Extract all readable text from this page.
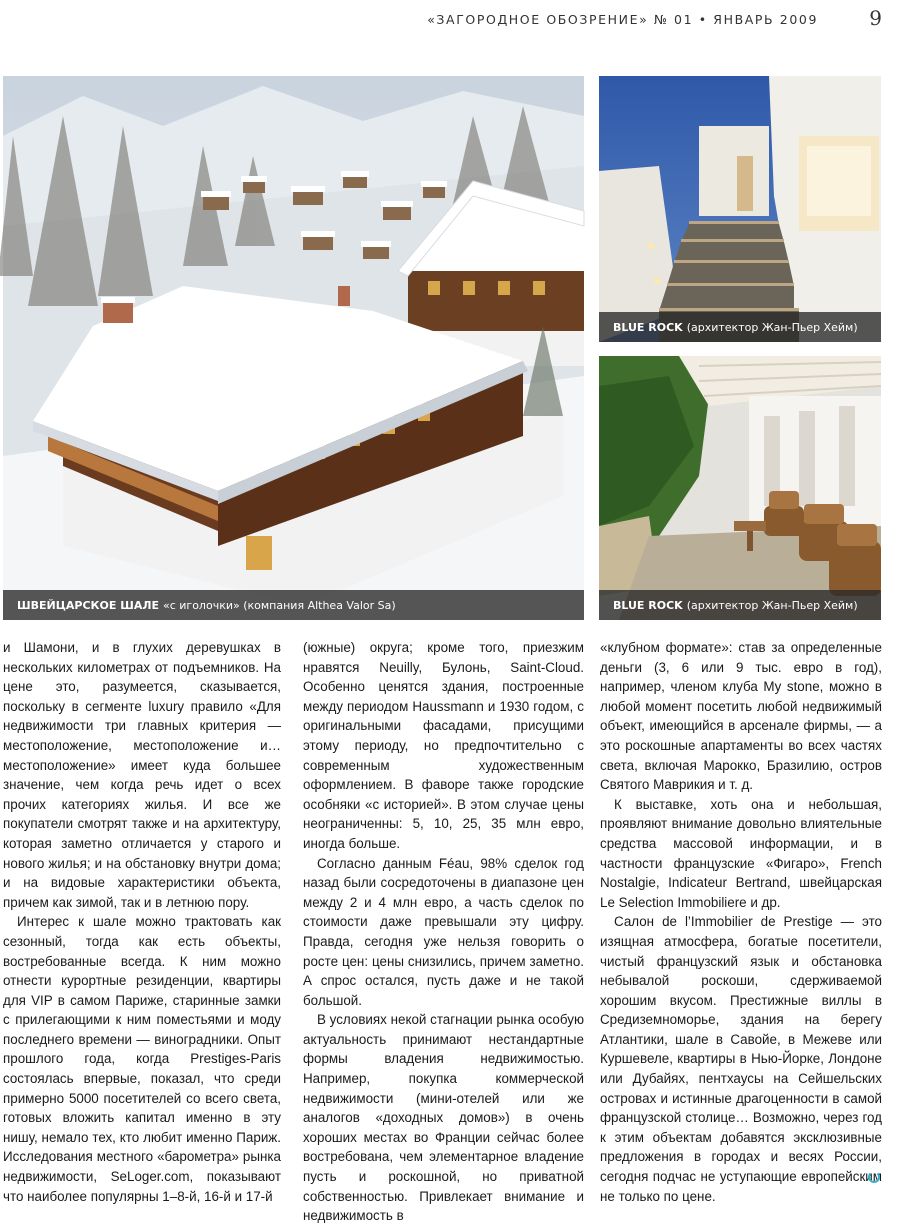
«ЗАГОРОДНОЕ ОБОЗРЕНИЕ» № 01 • ЯНВАРЬ 2009	9
ШВЕЙЦАРСКОЕ ШАЛЕ «с иголочки» (компания Althea Valor Sa)
BLUE ROCK (архитектор Жан-Пьер Хейм)
BLUE ROCK (архитектор Жан-Пьер Хейм)

и Шамони, и в глухих деревушках в нескольких километрах от подъемников. На цене это, разумеется, сказывается, поскольку в сегменте luxury правило «Для недвижимости три главных критерия — местоположение, местоположение и… местоположение» имеет куда большее значение, чем когда речь идет о всех прочих категориях жилья. И все же покупатели смотрят также и на архитектуру, которая заметно отличается у старого и нового жилья; и на обстановку внутри дома; и на видовые характеристики объекта, причем как зимой, так и в летнюю пору.

Интерес к шале можно трактовать как сезонный, тогда как есть объекты, востребованные всегда. К ним можно отнести курортные резиденции, квартиры для VIP в самом Париже, старинные замки с прилегающими к ним поместьями и моду последнего времени — виноградники. Опыт прошлого года, когда Prestiges-Paris состоялась впервые, показал, что среди примерно 5000 посетителей со всего света, готовых вложить капитал именно в эту нишу, немало тех, кто любит именно Париж. Исследования местного «барометра» рынка недвижимости, SeLoger.com, показывают что наиболее популярны 1–8-й, 16-й и 17-й

(южные) округа; кроме того, приезжим нравятся Neuilly, Булонь, Saint-Cloud. Особенно ценятся здания, построенные между периодом Haussmann и 1930 годом, с оригинальными фасадами, присущими этому периоду, но предпочтительно с современным художественным оформлением. В фаворе также городские особняки «с историей». В этом случае цены неограниченны: 5, 10, 25, 35 млн евро, иногда больше.

Согласно данным Féau, 98% сделок год назад были сосредоточены в диапазоне цен между 2 и 4 млн евро, а часть сделок по стоимости даже превышали эту цифру. Правда, сегодня уже нельзя говорить о росте цен: цены снизились, причем заметно. А спрос остался, пусть даже и не такой большой.

В условиях некой стагнации рынка особую актуальность принимают нестандартные формы владения недвижимостью. Например, покупка коммерческой недвижимости (мини-отелей или же аналогов «доходных домов») в очень хороших местах во Франции сейчас более востребована, чем элементарное владение пусть и роскошной, но приватной собственностью. Привлекает внимание и недвижимость в

«клубном формате»: став за определенные деньги (3, 6 или 9 тыс. евро в год), например, членом клуба My stone, можно в любой момент посетить любой недвижимый объект, имеющийся в арсенале фирмы, — а это роскошные апартаменты во всех частях света, включая Марокко, Бразилию, остров Святого Маврикия и т. д.

К выставке, хоть она и небольшая, проявляют внимание довольно влиятельные средства массовой информации, и в частности французские «Фигаро», French Nostalgie, Indicateur Bertrand, швейцарская Le Selection Immobiliere и др.

Салон de l’Immobilier de Prestige — это изящная атмосфера, богатые посетители, чистый французский язык и обстановка небывалой роскоши, сдерживаемой хорошим вкусом. Престижные виллы в Средиземноморье, здания на берегу Атлантики, шале в Савойе, в Межеве или Куршевеле, квартиры в Нью-Йорке, Лондоне или Дубайях, пентхаусы на Сейшельских островах и истинные драгоценности в самой французской столице… Возможно, через год к этим объектам добавятся эксклюзивные предложения в городах и весях России, сегодня подчас не уступающие европейским не только по цене.
